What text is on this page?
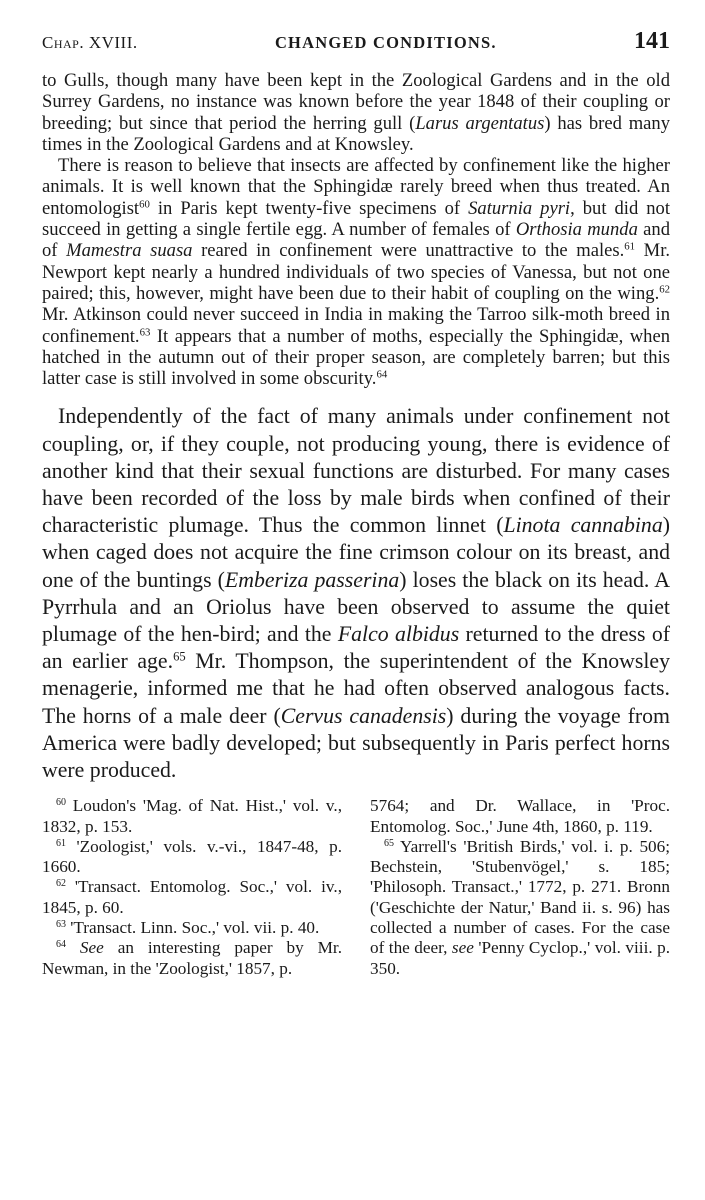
Chap. XVIII.	CHANGED CONDITIONS.	141

to Gulls, though many have been kept in the Zoological Gardens and in the old Surrey Gardens, no instance was known before the year 1848 of their coupling or breeding; but since that period the herring gull (Larus argentatus) has bred many times in the Zoological Gardens and at Knowsley.

There is reason to believe that insects are affected by confinement like the higher animals. It is well known that the Sphingidæ rarely breed when thus treated. An entomologist$^{60}$ in Paris kept twenty-five specimens of Saturnia pyri, but did not succeed in getting a single fertile egg. A number of females of Orthosia munda and of Mamestra suasa reared in confinement were unattractive to the males.$^{61}$ Mr. Newport kept nearly a hundred individuals of two species of Vanessa, but not one paired; this, however, might have been due to their habit of coupling on the wing.$^{62}$ Mr. Atkinson could never succeed in India in making the Tarroo silk-moth breed in confinement.$^{63}$ It appears that a number of moths, especially the Sphingidæ, when hatched in the autumn out of their proper season, are completely barren; but this latter case is still involved in some obscurity.$^{64}$

Independently of the fact of many animals under confinement not coupling, or, if they couple, not producing young, there is evidence of another kind that their sexual functions are disturbed. For many cases have been recorded of the loss by male birds when confined of their characteristic plumage. Thus the common linnet (Linota cannabina) when caged does not acquire the fine crimson colour on its breast, and one of the buntings (Emberiza passerina) loses the black on its head. A Pyrrhula and an Oriolus have been observed to assume the quiet plumage of the hen-bird; and the Falco albidus returned to the dress of an earlier age.$^{65}$ Mr. Thompson, the superintendent of the Knowsley menagerie, informed me that he had often observed analogous facts. The horns of a male deer (Cervus canadensis) during the voyage from America were badly developed; but subsequently in Paris perfect horns were produced.

$^{60}$ Loudon's 'Mag. of Nat. Hist.,' vol. v., 1832, p. 153.

$^{61}$ 'Zoologist,' vols. v.-vi., 1847-48, p. 1660.

$^{62}$ 'Transact. Entomolog. Soc.,' vol. iv., 1845, p. 60.

$^{63}$ 'Transact. Linn. Soc.,' vol. vii. p. 40.

$^{64}$ See an interesting paper by Mr. Newman, in the 'Zoologist,' 1857, p.

5764; and Dr. Wallace, in 'Proc. Entomolog. Soc.,' June 4th, 1860, p. 119.

$^{65}$ Yarrell's 'British Birds,' vol. i. p. 506; Bechstein, 'Stubenvögel,' s. 185; 'Philosoph. Transact.,' 1772, p. 271. Bronn ('Geschichte der Natur,' Band ii. s. 96) has collected a number of cases. For the case of the deer, see 'Penny Cyclop.,' vol. viii. p. 350.
